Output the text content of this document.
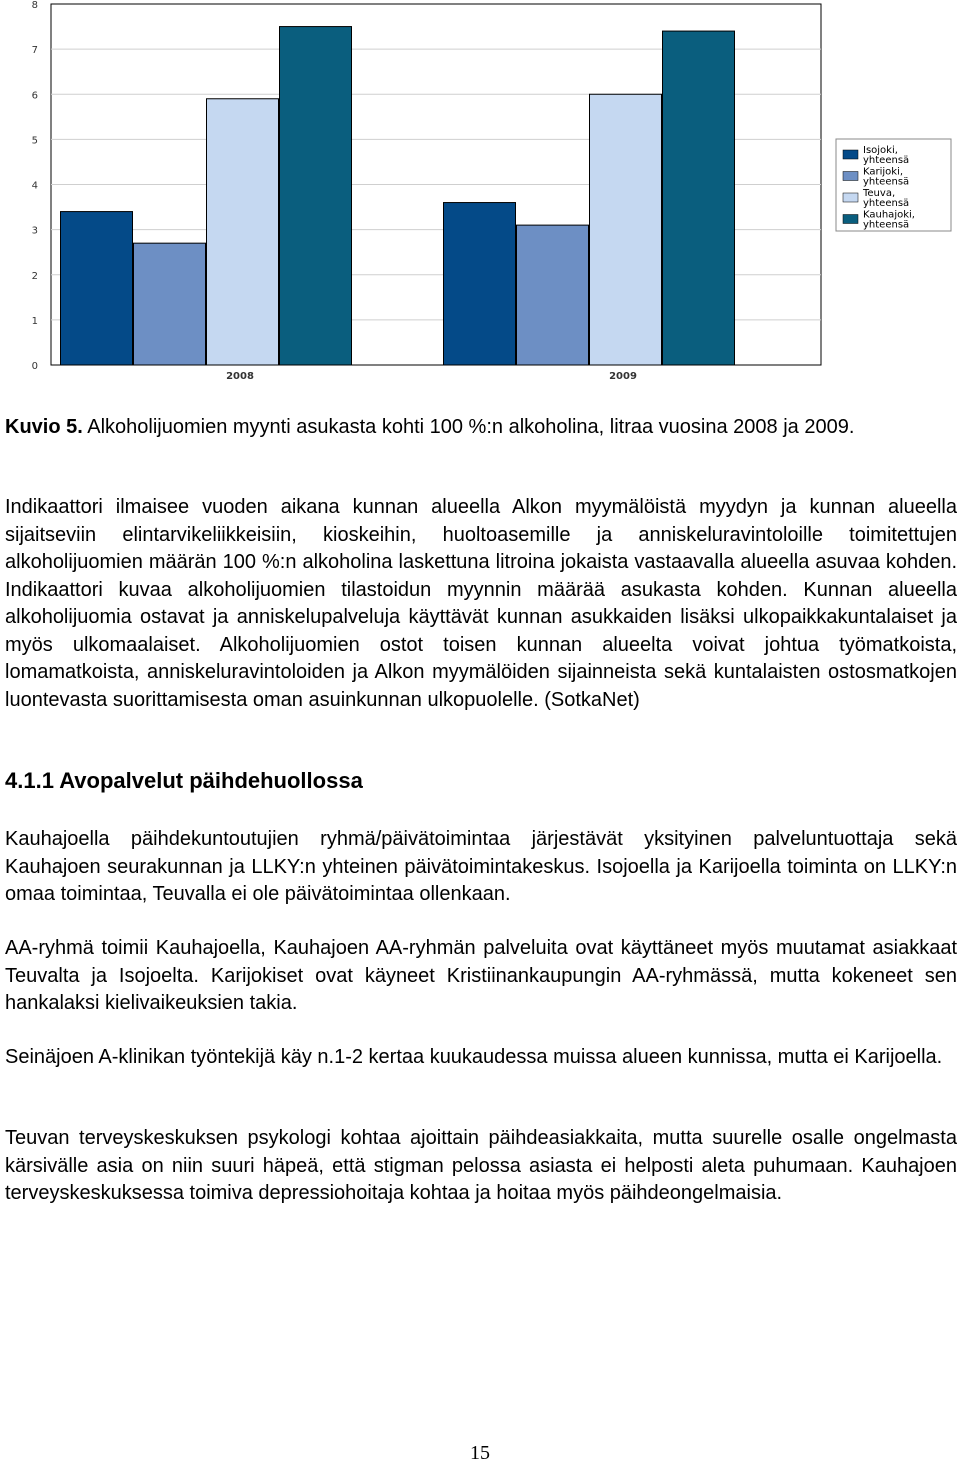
0
1
2
3
4
5
6
7
8
2008	2009
Isojoki,
yhteensä
Karijoki,
yhteensä
Teuva,
yhteensä
Kauhajoki,
yhteensä

Kuvio 5. Alkoholijuomien myynti asukasta kohti 100 %:n alkoholina, litraa vuosina 2008 ja 2009.

Indikaattori ilmaisee vuoden aikana kunnan alueella Alkon myymälöistä myydyn ja kunnan alueella sijaitseviin elintarvikeliikkeisiin, kioskeihin, huoltoasemille ja anniskeluravintoloille toimitettujen alkoholijuomien määrän 100 %:n alkoholina laskettuna litroina jokaista vastaavalla alueella asuvaa kohden. Indikaattori kuvaa alkoholijuomien tilastoidun myynnin määrää asukasta kohden. Kunnan alueella alkoholijuomia ostavat ja anniskelupalveluja käyttävät kunnan asukkaiden lisäksi ulkopaikkakuntalaiset ja myös ulkomaalaiset. Alkoholijuomien ostot toisen kunnan alueelta voivat johtua työmatkoista, lomamatkoista, anniskeluravintoloiden ja Alkon myymälöiden sijainneista sekä kuntalaisten ostosmatkojen luontevasta suorittamisesta oman asuinkunnan ulkopuolelle. (SotkaNet)

4.1.1 Avopalvelut päihdehuollossa

Kauhajoella päihdekuntoutujien ryhmä/päivätoimintaa järjestävät yksityinen palveluntuottaja sekä Kauhajoen seurakunnan ja LLKY:n yhteinen päivätoimintakeskus. Isojoella ja Karijoella toiminta on LLKY:n omaa toimintaa, Teuvalla ei ole päivätoimintaa ollenkaan.

AA-ryhmä toimii Kauhajoella, Kauhajoen AA-ryhmän palveluita ovat käyttäneet myös muutamat asiakkaat Teuvalta ja Isojoelta. Karijokiset ovat käyneet Kristiinankaupungin AA-ryhmässä, mutta kokeneet sen hankalaksi kielivaikeuksien takia.

Seinäjoen A-klinikan työntekijä käy n.1-2 kertaa kuukaudessa muissa alueen kunnissa, mutta ei Karijoella.

Teuvan terveyskeskuksen psykologi kohtaa ajoittain päihdeasiakkaita, mutta suurelle osalle ongelmasta kärsivälle asia on niin suuri häpeä, että stigman pelossa asiasta ei helposti aleta puhumaan. Kauhajoen terveyskeskuksessa toimiva depressiohoitaja kohtaa ja hoitaa myös päihdeongelmaisia.

15
